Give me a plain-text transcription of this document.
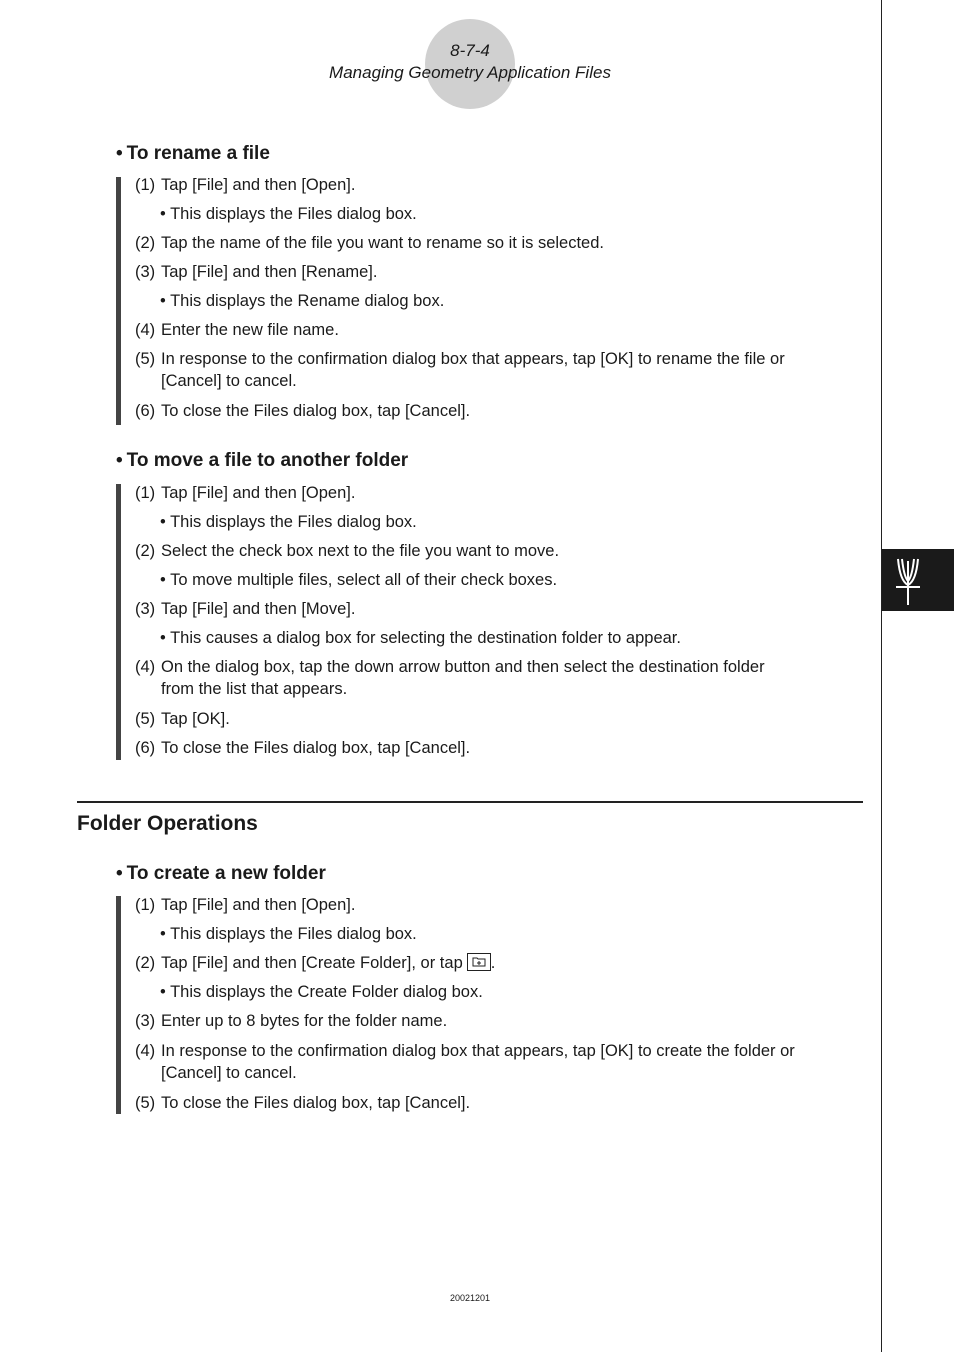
8-7-4
Managing Geometry Application Files
• To rename a file
(1) Tap [File] and then [Open].
• This displays the Files dialog box.
(2) Tap the name of the file you want to rename so it is selected.
(3) Tap [File] and then [Rename].
• This displays the Rename dialog box.
(4) Enter the new file name.
(5) In response to the confirmation dialog box that appears, tap [OK] to rename the file or
[Cancel] to cancel.
(6) To close the Files dialog box, tap [Cancel].
• To move a file to another folder
(1) Tap [File] and then [Open].
• This displays the Files dialog box.
(2) Select the check box next to the file you want to move.
• To move multiple files, select all of their check boxes.
(3) Tap [File] and then [Move].
• This causes a dialog box for selecting the destination folder to appear.
(4) On the dialog box, tap the down arrow button and then select the destination folder
from the list that appears.
(5) Tap [OK].
(6) To close the Files dialog box, tap [Cancel].
Folder Operations
• To create a new folder
(1) Tap [File] and then [Open].
• This displays the Files dialog box.
(2) Tap [File] and then [Create Folder], or tap .
• This displays the Create Folder dialog box.
(3) Enter up to 8 bytes for the folder name.
(4) In response to the confirmation dialog box that appears, tap [OK] to create the folder or
[Cancel] to cancel.
(5) To close the Files dialog box, tap [Cancel].
20021201
